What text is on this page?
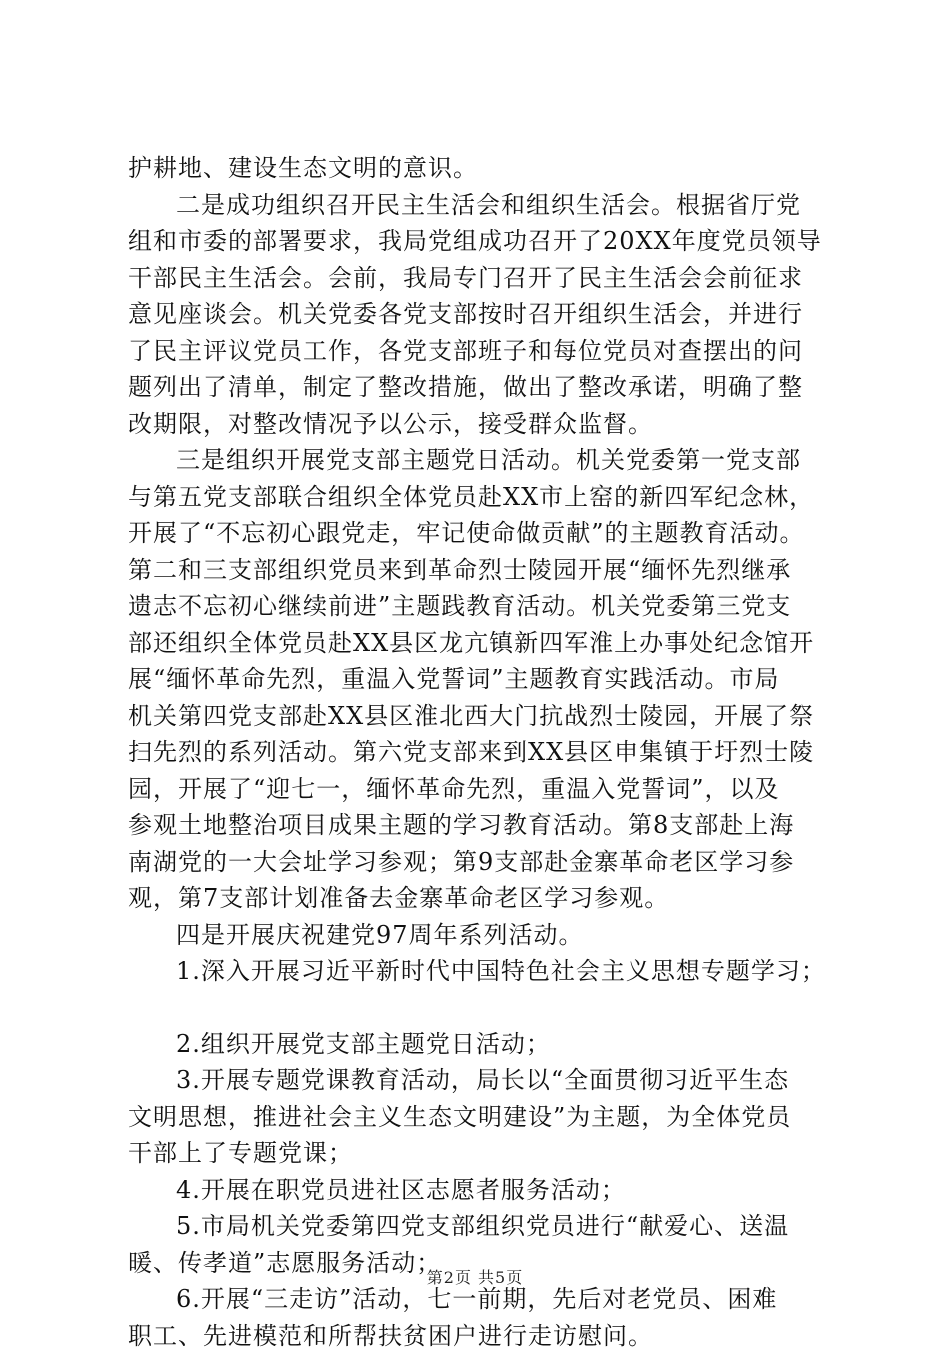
护耕地、建设生态文明的意识。
二是成功组织召开民主生活会和组织生活会。根据省厅党
组和市委的部署要求，我局党组成功召开了20XX年度党员领导
干部民主生活会。会前，我局专门召开了民主生活会会前征求
意见座谈会。机关党委各党支部按时召开组织生活会，并进行
了民主评议党员工作，各党支部班子和每位党员对查摆出的问
题列出了清单，制定了整改措施，做出了整改承诺，明确了整
改期限，对整改情况予以公示，接受群众监督。
三是组织开展党支部主题党日活动。机关党委第一党支部
与第五党支部联合组织全体党员赴XX市上窑的新四军纪念林，
开展了“不忘初心跟党走，牢记使命做贡献”的主题教育活动。
第二和三支部组织党员来到革命烈士陵园开展“缅怀先烈继承
遗志不忘初心继续前进”主题践教育活动。机关党委第三党支
部还组织全体党员赴XX县区龙亢镇新四军淮上办事处纪念馆开
展“缅怀革命先烈，重温入党誓词”主题教育实践活动。市局
机关第四党支部赴XX县区淮北西大门抗战烈士陵园，开展了祭
扫先烈的系列活动。第六党支部来到XX县区申集镇于圩烈士陵
园，开展了“迎七一，缅怀革命先烈，重温入党誓词”，以及
参观土地整治项目成果主题的学习教育活动。第8支部赴上海
南湖党的一大会址学习参观；第9支部赴金寨革命老区学习参
观，第7支部计划准备去金寨革命老区学习参观。
四是开展庆祝建党97周年系列活动。
1.深入开展习近平新时代中国特色社会主义思想专题学习；
2.组织开展党支部主题党日活动；
3.开展专题党课教育活动，局长以“全面贯彻习近平生态
文明思想，推进社会主义生态文明建设”为主题，为全体党员
干部上了专题党课；
4.开展在职党员进社区志愿者服务活动；
5.市局机关党委第四党支部组织党员进行“献爱心、送温
暖、传孝道”志愿服务活动；
6.开展“三走访”活动，七一前期，先后对老党员、困难
职工、先进模范和所帮扶贫困户进行走访慰问。
第2页 共5页
